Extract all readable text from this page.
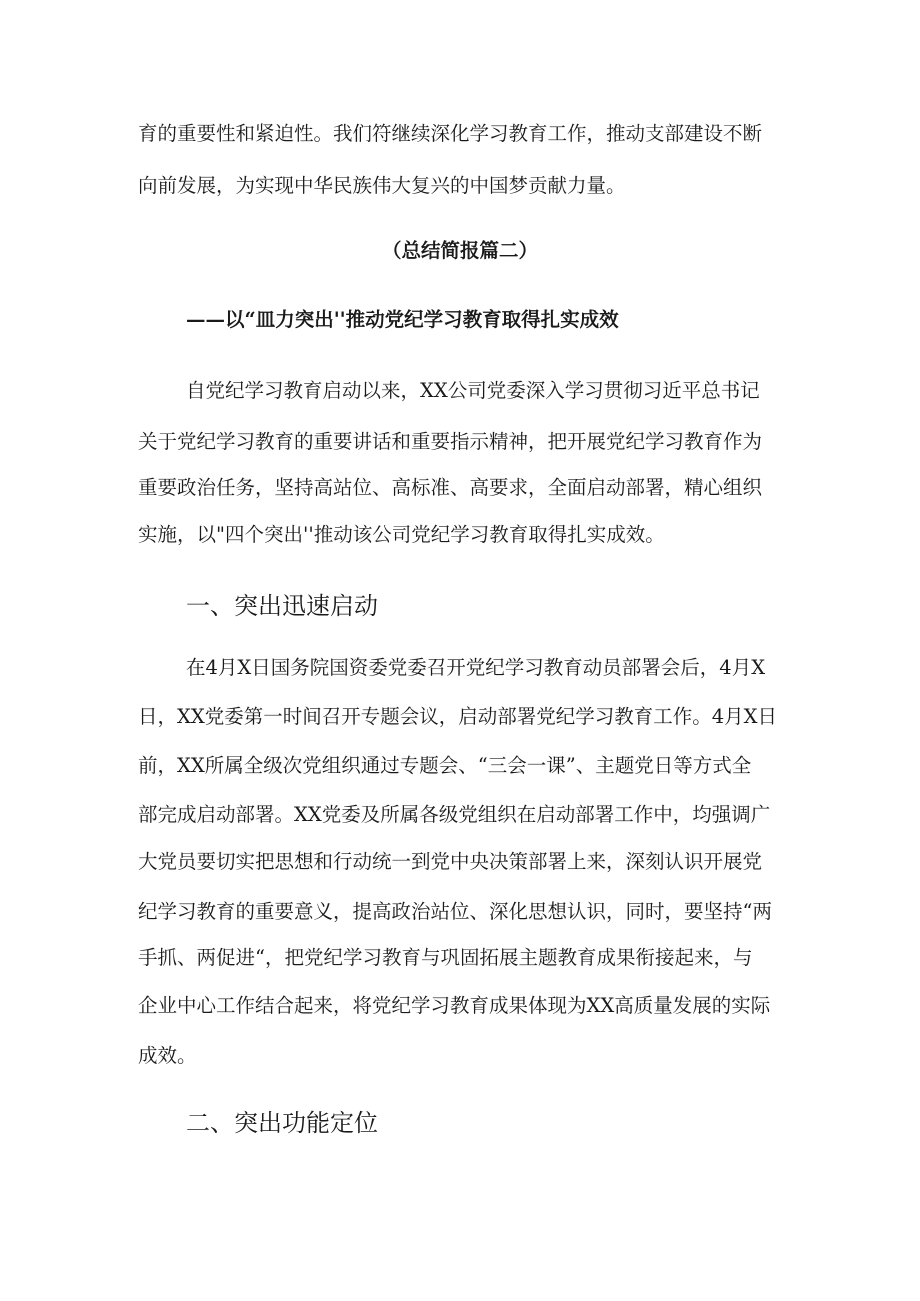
育的重要性和紧迫性。我们符继续深化学习教育工作，推动支部建设不断
向前发展，为实现中华民族伟大复兴的中国梦贡献力量。
（总结简报篇二）
——以“皿力突出''推动党纪学习教育取得扎实成效
自党纪学习教育启动以来，XX公司党委深入学习贯彻习近平总书记
关于党纪学习教育的重要讲话和重要指示精神，把开展党纪学习教育作为
重要政治任务，坚持高站位、高标准、高要求，全面启动部署，精心组织
实施，以"四个突出''推动该公司党纪学习教育取得扎实成效。
一、突出迅速启动
在4月X日国务院国资委党委召开党纪学习教育动员部署会后，4月X
日，XX党委第一时间召开专题会议，启动部署党纪学习教育工作。4月X日
前，XX所属全级次党组织通过专题会、“三会一课”、主题党日等方式全
部完成启动部署。XX党委及所属各级党组织在启动部署工作中，均强调广
大党员要切实把思想和行动统一到党中央决策部署上来，深刻认识开展党
纪学习教育的重要意义，提高政治站位、深化思想认识，同时，要坚持“两
手抓、两促进“，把党纪学习教育与巩固拓展主题教育成果衔接起来，与
企业中心工作结合起来，将党纪学习教育成果体现为XX高质量发展的实际
成效。
二、突出功能定位
